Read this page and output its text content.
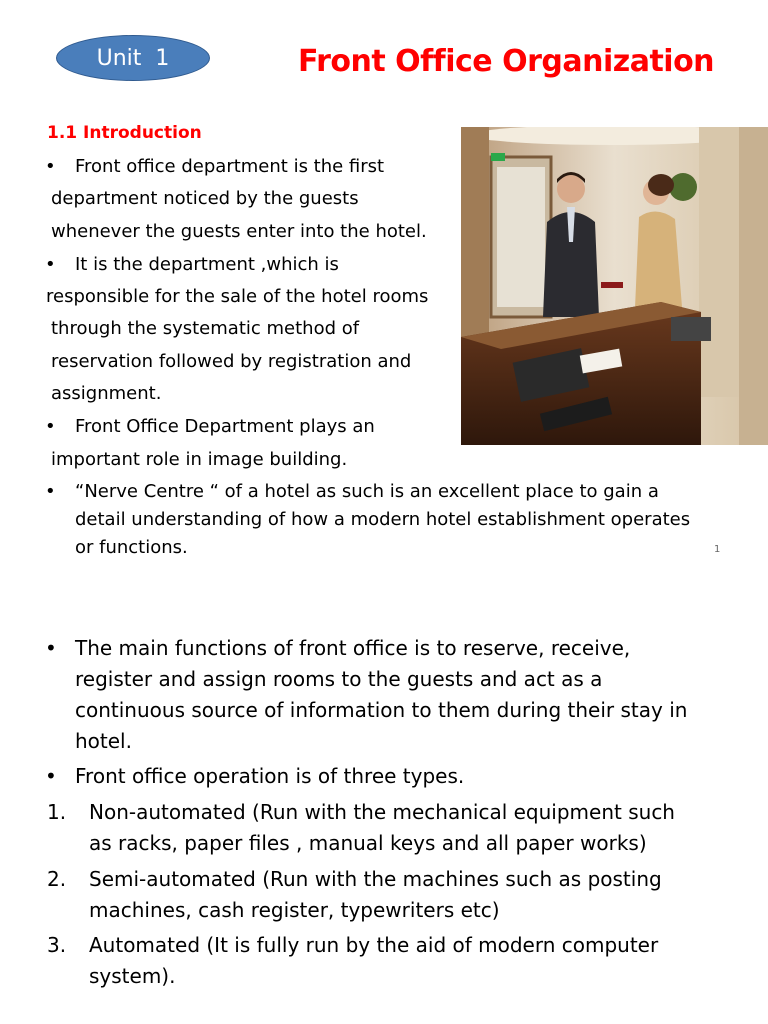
Unit  1	Front Office Organization
1.1 Introduction
• Front office department is the first
department noticed by the guests
whenever the guests enter into the hotel.
• It is the department ,which is
responsible for the sale of the hotel rooms
through the systematic method of
reservation followed by registration and
assignment.
• Front Office Department plays an
important role in image building.
• “Nerve Centre “ of a hotel as such is an excellent place to gain a
detail understanding of how a modern hotel establishment operates
or functions.	1
• The main functions of front office is to reserve, receive,
register and assign rooms to the guests and act as a
continuous source of information to them during their stay in
hotel.
• Front office operation is of three types.
1. Non-automated (Run with the mechanical equipment such
as racks, paper files , manual keys and all paper works)
2. Semi-automated (Run with the machines such as posting
machines, cash register, typewriters etc)
3. Automated (It is fully run by the aid of modern computer
system).
